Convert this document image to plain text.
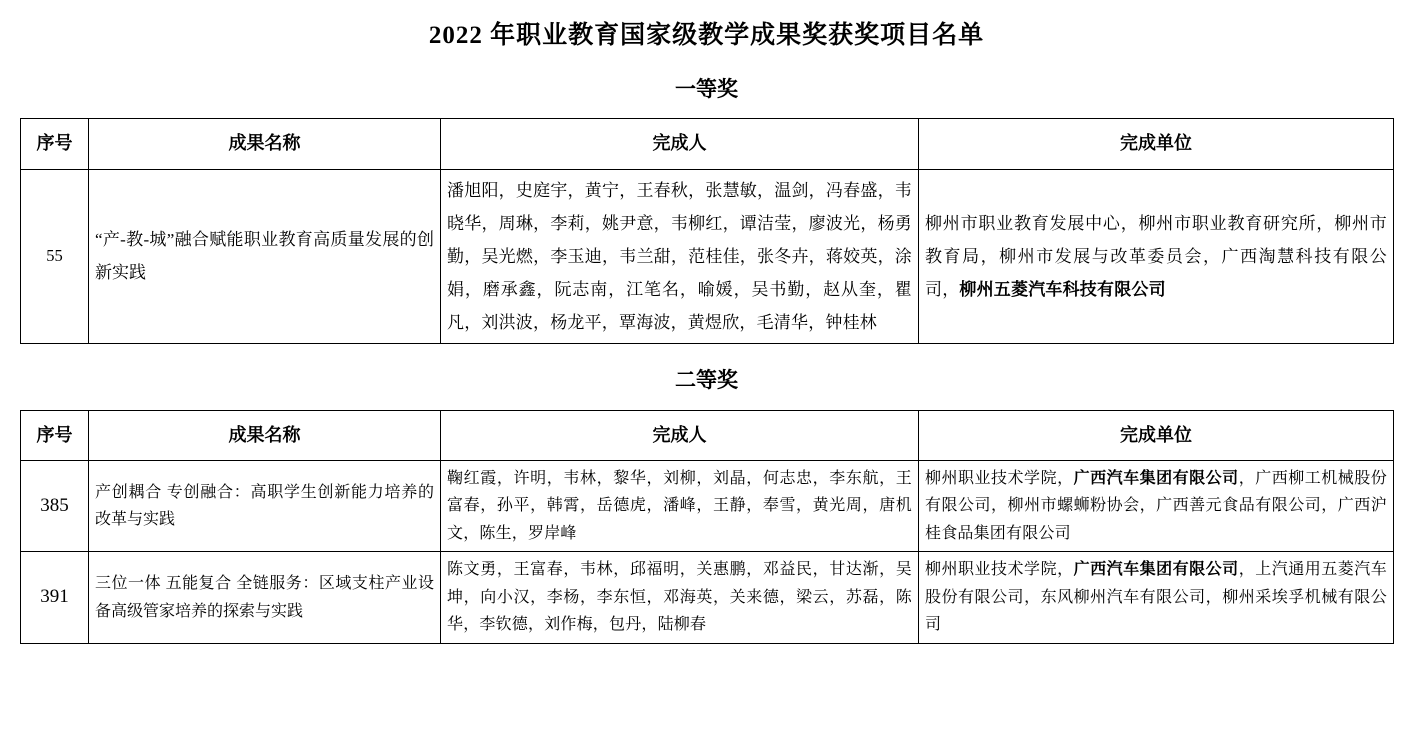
2022 年职业教育国家级教学成果奖获奖项目名单
一等奖
序号	成果名称	完成人	完成单位
55	“产-教-城”融合赋能职业教育高质量发展的创新实践	潘旭阳，史庭宇，黄宁，王春秋，张慧敏，温剑，冯春盛，韦晓华，周琳，李莉，姚尹意，韦柳红，谭洁莹，廖波光，杨勇勤，吴光燃，李玉迪，韦兰甜，范桂佳，张冬卉，蒋姣英，涂娟，磨承鑫，阮志南，江笔名，喻媛，吴书勤，赵从奎，瞿凡，刘洪波，杨龙平，覃海波，黄煜欣，毛清华，钟桂林	柳州市职业教育发展中心，柳州市职业教育研究所，柳州市教育局，柳州市发展与改革委员会，广西淘慧科技有限公司，柳州五菱汽车科技有限公司
二等奖
序号	成果名称	完成人	完成单位
385	产创耦合 专创融合：高职学生创新能力培养的改革与实践	鞠红霞，许明，韦林，黎华，刘柳，刘晶，何志忠，李东航，王富春，孙平，韩霄，岳德虎，潘峰，王静，奉雪，黄光周，唐机文，陈生，罗岸峰	柳州职业技术学院，广西汽车集团有限公司，广西柳工机械股份有限公司，柳州市螺蛳粉协会，广西善元食品有限公司，广西沪桂食品集团有限公司
391	三位一体 五能复合 全链服务：区域支柱产业设备高级管家培养的探索与实践	陈文勇，王富春，韦林，邱福明，关惠鹏，邓益民，甘达渐，吴坤，向小汉，李杨，李东恒，邓海英，关来德，梁云，苏磊，陈华，李钦德，刘作梅，包丹，陆柳春	柳州职业技术学院，广西汽车集团有限公司，上汽通用五菱汽车股份有限公司，东风柳州汽车有限公司，柳州采埃孚机械有限公司
